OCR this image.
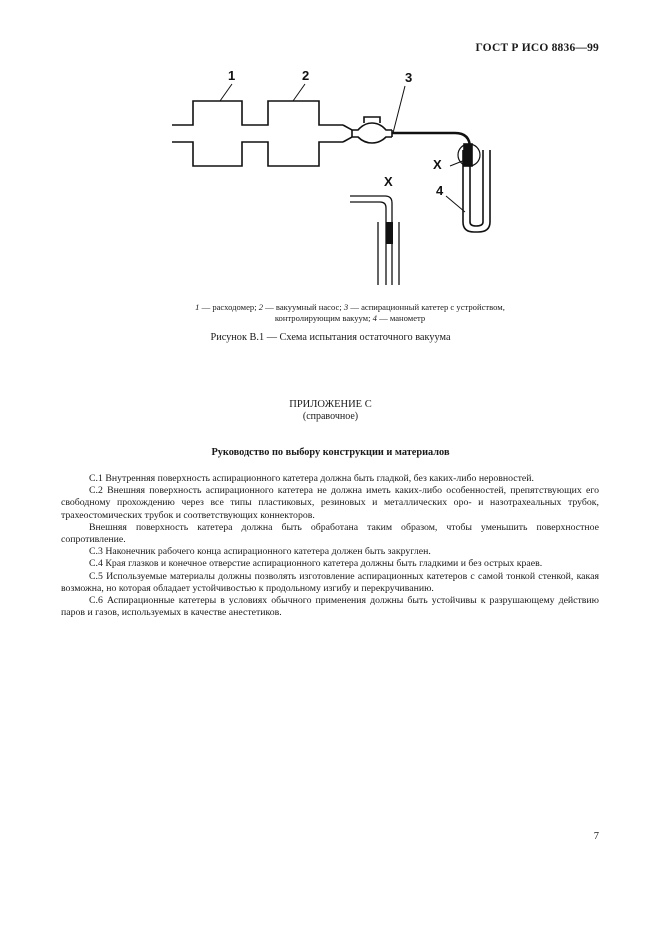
ГОСТ Р ИСО 8836—99
1	2	3
X
4
X
1 — расходомер; 2 — вакуумный насос; 3 — аспирационный катетер с устройством,
контролирующим вакуум; 4 — манометр
Рисунок В.1 — Схема испытания остаточного вакуума
ПРИЛОЖЕНИЕ С
(справочное)
Руководство по выбору конструкции и материалов

С.1 Внутренняя поверхность аспирационного катетера должна быть гладкой, без каких-либо неровностей.

С.2 Внешняя поверхность аспирационного катетера не должна иметь каких-либо особенностей, препятствующих его свободному прохождению через все типы пластиковых, резиновых и металлических оро- и назотрахеальных трубок, трахеостомических трубок и соответствующих коннекторов.

Внешняя поверхность катетера должна быть обработана таким образом, чтобы уменьшить поверхностное сопротивление.

С.3 Наконечник рабочего конца аспирационного катетера должен быть закруглен.

С.4 Края глазков и конечное отверстие аспирационного катетера должны быть гладкими и без острых краев.

С.5 Используемые материалы должны позволять изготовление аспирационных катетеров с самой тонкой стенкой, какая возможна, но которая обладает устойчивостью к продольному изгибу и перекручиванию.

С.6 Аспирационные катетеры в условиях обычного применения должны быть устойчивы к разрушающему действию паров и газов, используемых в качестве анестетиков.

7
